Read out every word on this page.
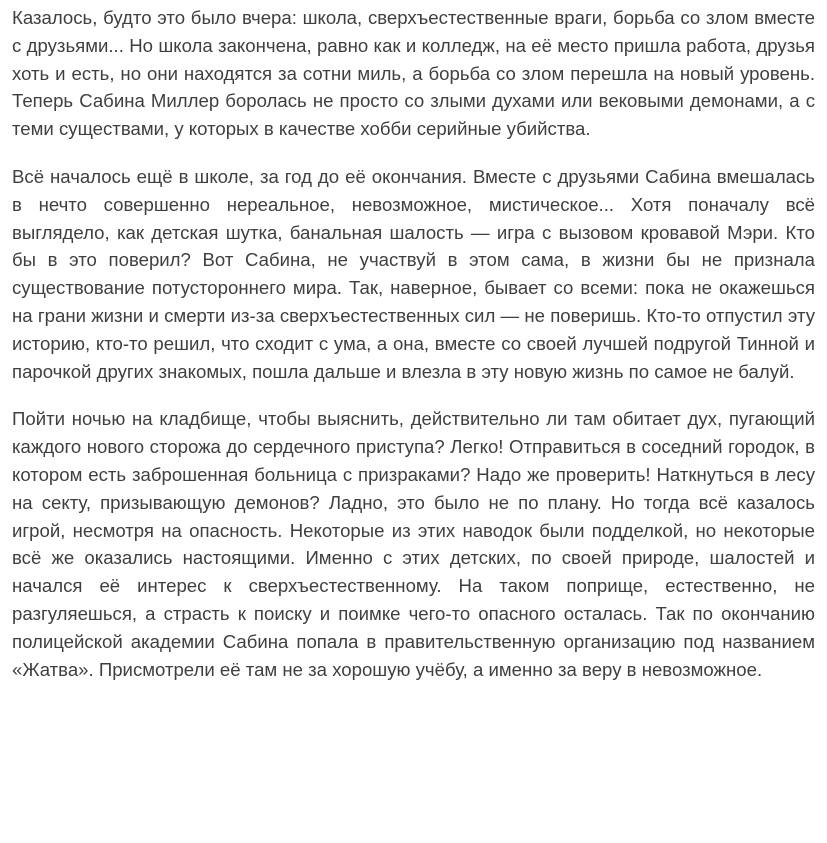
Казалось, будто это было вчера: школа, сверхъестественные враги, борьба со злом вместе с друзьями... Но школа закончена, равно как и колледж, на её место пришла работа, друзья хоть и есть, но они находятся за сотни миль, а борьба со злом перешла на новый уровень. Теперь Сабина Миллер боролась не просто со злыми духами или вековыми демонами, а с теми существами, у которых в качестве хобби серийные убийства.

Всё началось ещё в школе, за год до её окончания. Вместе с друзьями Сабина вмешалась в нечто совершенно нереальное, невозможное, мистическое... Хотя поначалу всё выглядело, как детская шутка, банальная шалость — игра с вызовом кровавой Мэри. Кто бы в это поверил? Вот Сабина, не участвуй в этом сама, в жизни бы не признала существование потустороннего мира. Так, наверное, бывает со всеми: пока не окажешься на грани жизни и смерти из-за сверхъестественных сил — не поверишь. Кто-то отпустил эту историю, кто-то решил, что сходит с ума, а она, вместе со своей лучшей подругой Тинной и парочкой других знакомых, пошла дальше и влезла в эту новую жизнь по самое не балуй.

Пойти ночью на кладбище, чтобы выяснить, действительно ли там обитает дух, пугающий каждого нового сторожа до сердечного приступа? Легко! Отправиться в соседний городок, в котором есть заброшенная больница с призраками? Надо же проверить! Наткнуться в лесу на секту, призывающую демонов? Ладно, это было не по плану. Но тогда всё казалось игрой, несмотря на опасность. Некоторые из этих наводок были подделкой, но некоторые всё же оказались настоящими. Именно с этих детских, по своей природе, шалостей и начался её интерес к сверхъестественному. На таком поприще, естественно, не разгуляешься, а страсть к поиску и поимке чего-то опасного осталась. Так по окончанию полицейской академии Сабина попала в правительственную организацию под названием «Жатва». Присмотрели её там не за хорошую учёбу, а именно за веру в невозможное.
